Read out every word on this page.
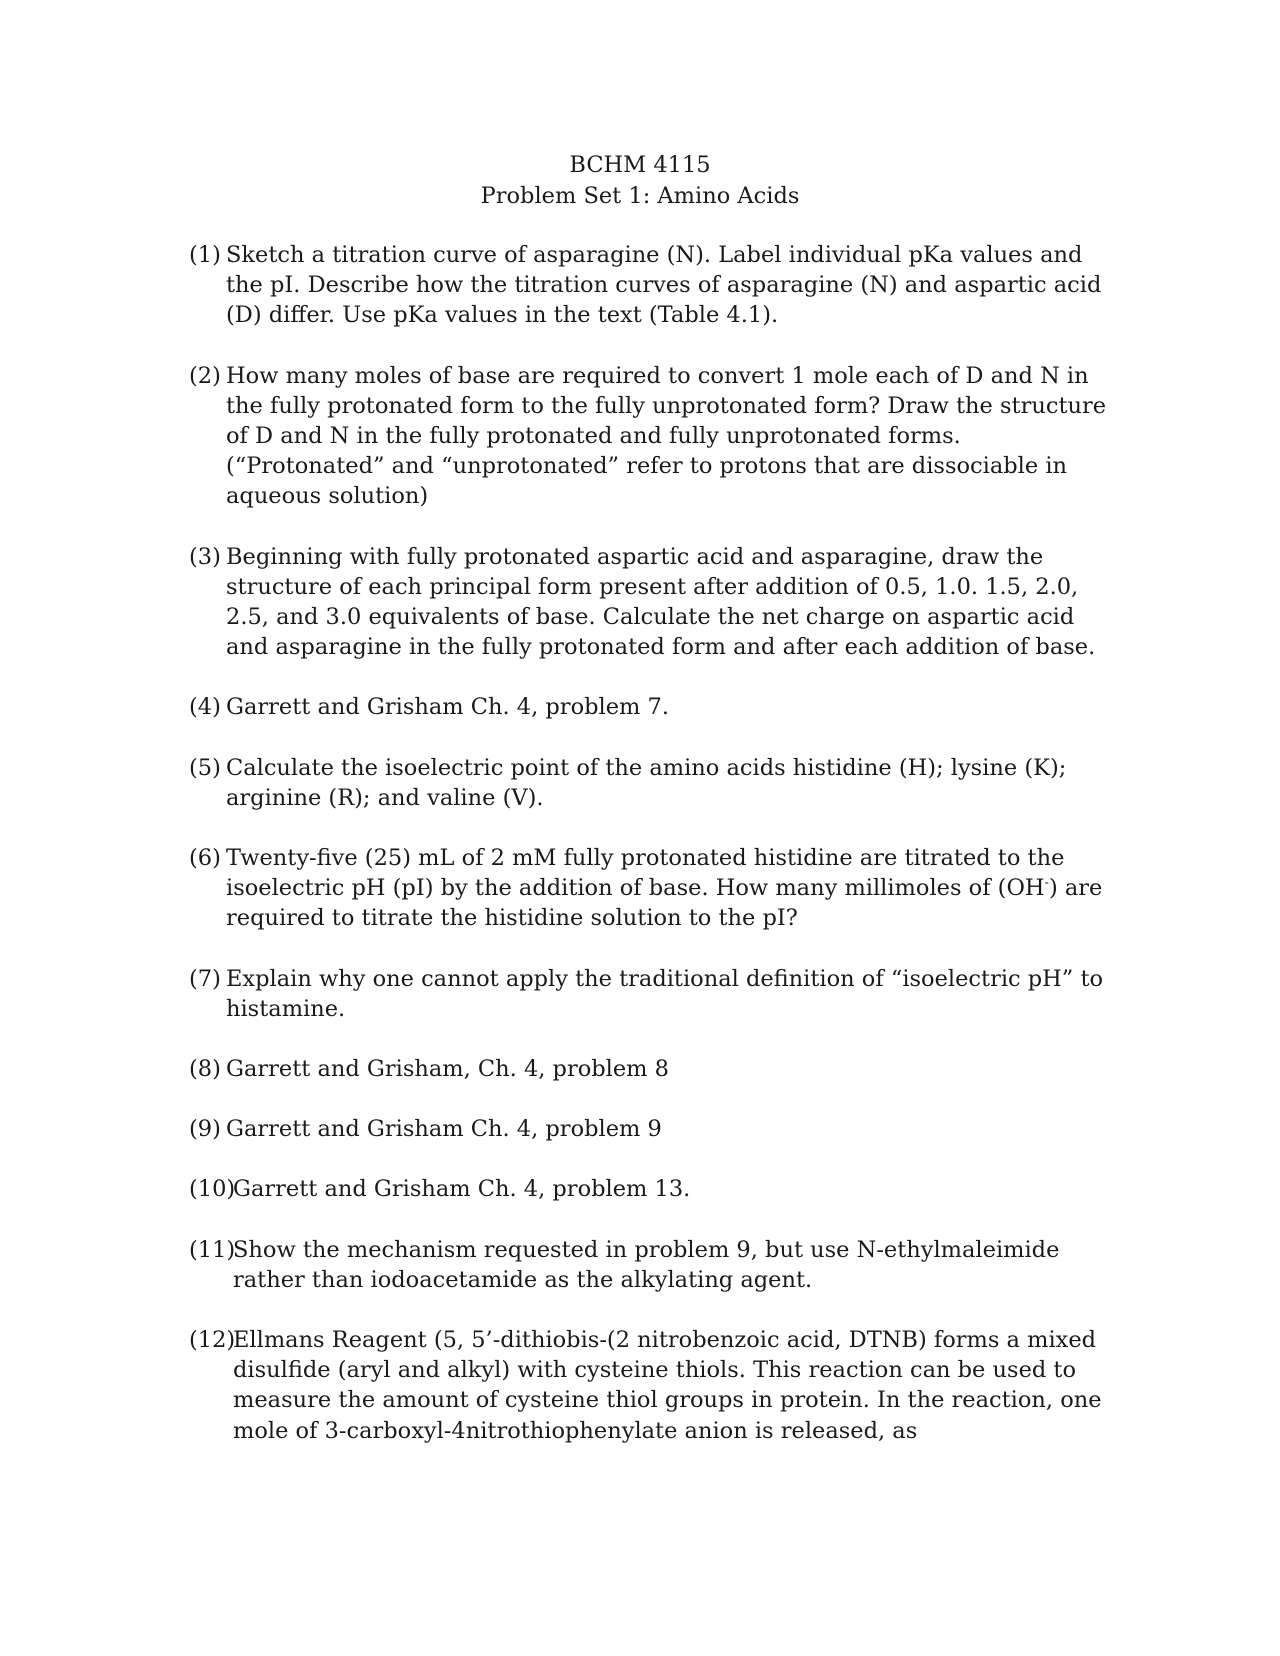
BCHM 4115
Problem Set 1: Amino Acids
(1) Sketch a titration curve of asparagine (N). Label individual pKa values and the pI. Describe how the titration curves of asparagine (N) and aspartic acid (D) differ. Use pKa values in the text (Table 4.1).
(2) How many moles of base are required to convert 1 mole each of D and N in the fully protonated form to the fully unprotonated form? Draw the structure of D and N in the fully protonated and fully unprotonated forms. (“Protonated” and “unprotonated” refer to protons that are dissociable in aqueous solution)
(3) Beginning with fully protonated aspartic acid and asparagine, draw the structure of each principal form present after addition of 0.5, 1.0. 1.5, 2.0, 2.5, and 3.0 equivalents of base. Calculate the net charge on aspartic acid and asparagine in the fully protonated form and after each addition of base.
(4) Garrett and Grisham Ch. 4, problem 7.
(5) Calculate the isoelectric point of the amino acids histidine (H); lysine (K); arginine (R); and valine (V).
(6) Twenty-five (25) mL of 2 mM fully protonated histidine are titrated to the isoelectric pH (pI) by the addition of base. How many millimoles of (OH-) are required to titrate the histidine solution to the pI?
(7) Explain why one cannot apply the traditional definition of “isoelectric pH” to histamine.
(8) Garrett and Grisham, Ch. 4, problem 8
(9) Garrett and Grisham Ch. 4, problem 9
(10)
Garrett and Grisham Ch. 4, problem 13.
(11)
Show the mechanism requested in problem 9, but use N-ethylmaleimide rather than iodoacetamide as the alkylating agent.
(12)
Ellmans Reagent (5, 5’-dithiobis-(2 nitrobenzoic acid, DTNB) forms a mixed disulfide (aryl and alkyl) with cysteine thiols. This reaction can be used to measure the amount of cysteine thiol groups in protein. In the reaction, one mole of 3-carboxyl-4nitrothiophenylate anion is released, as
